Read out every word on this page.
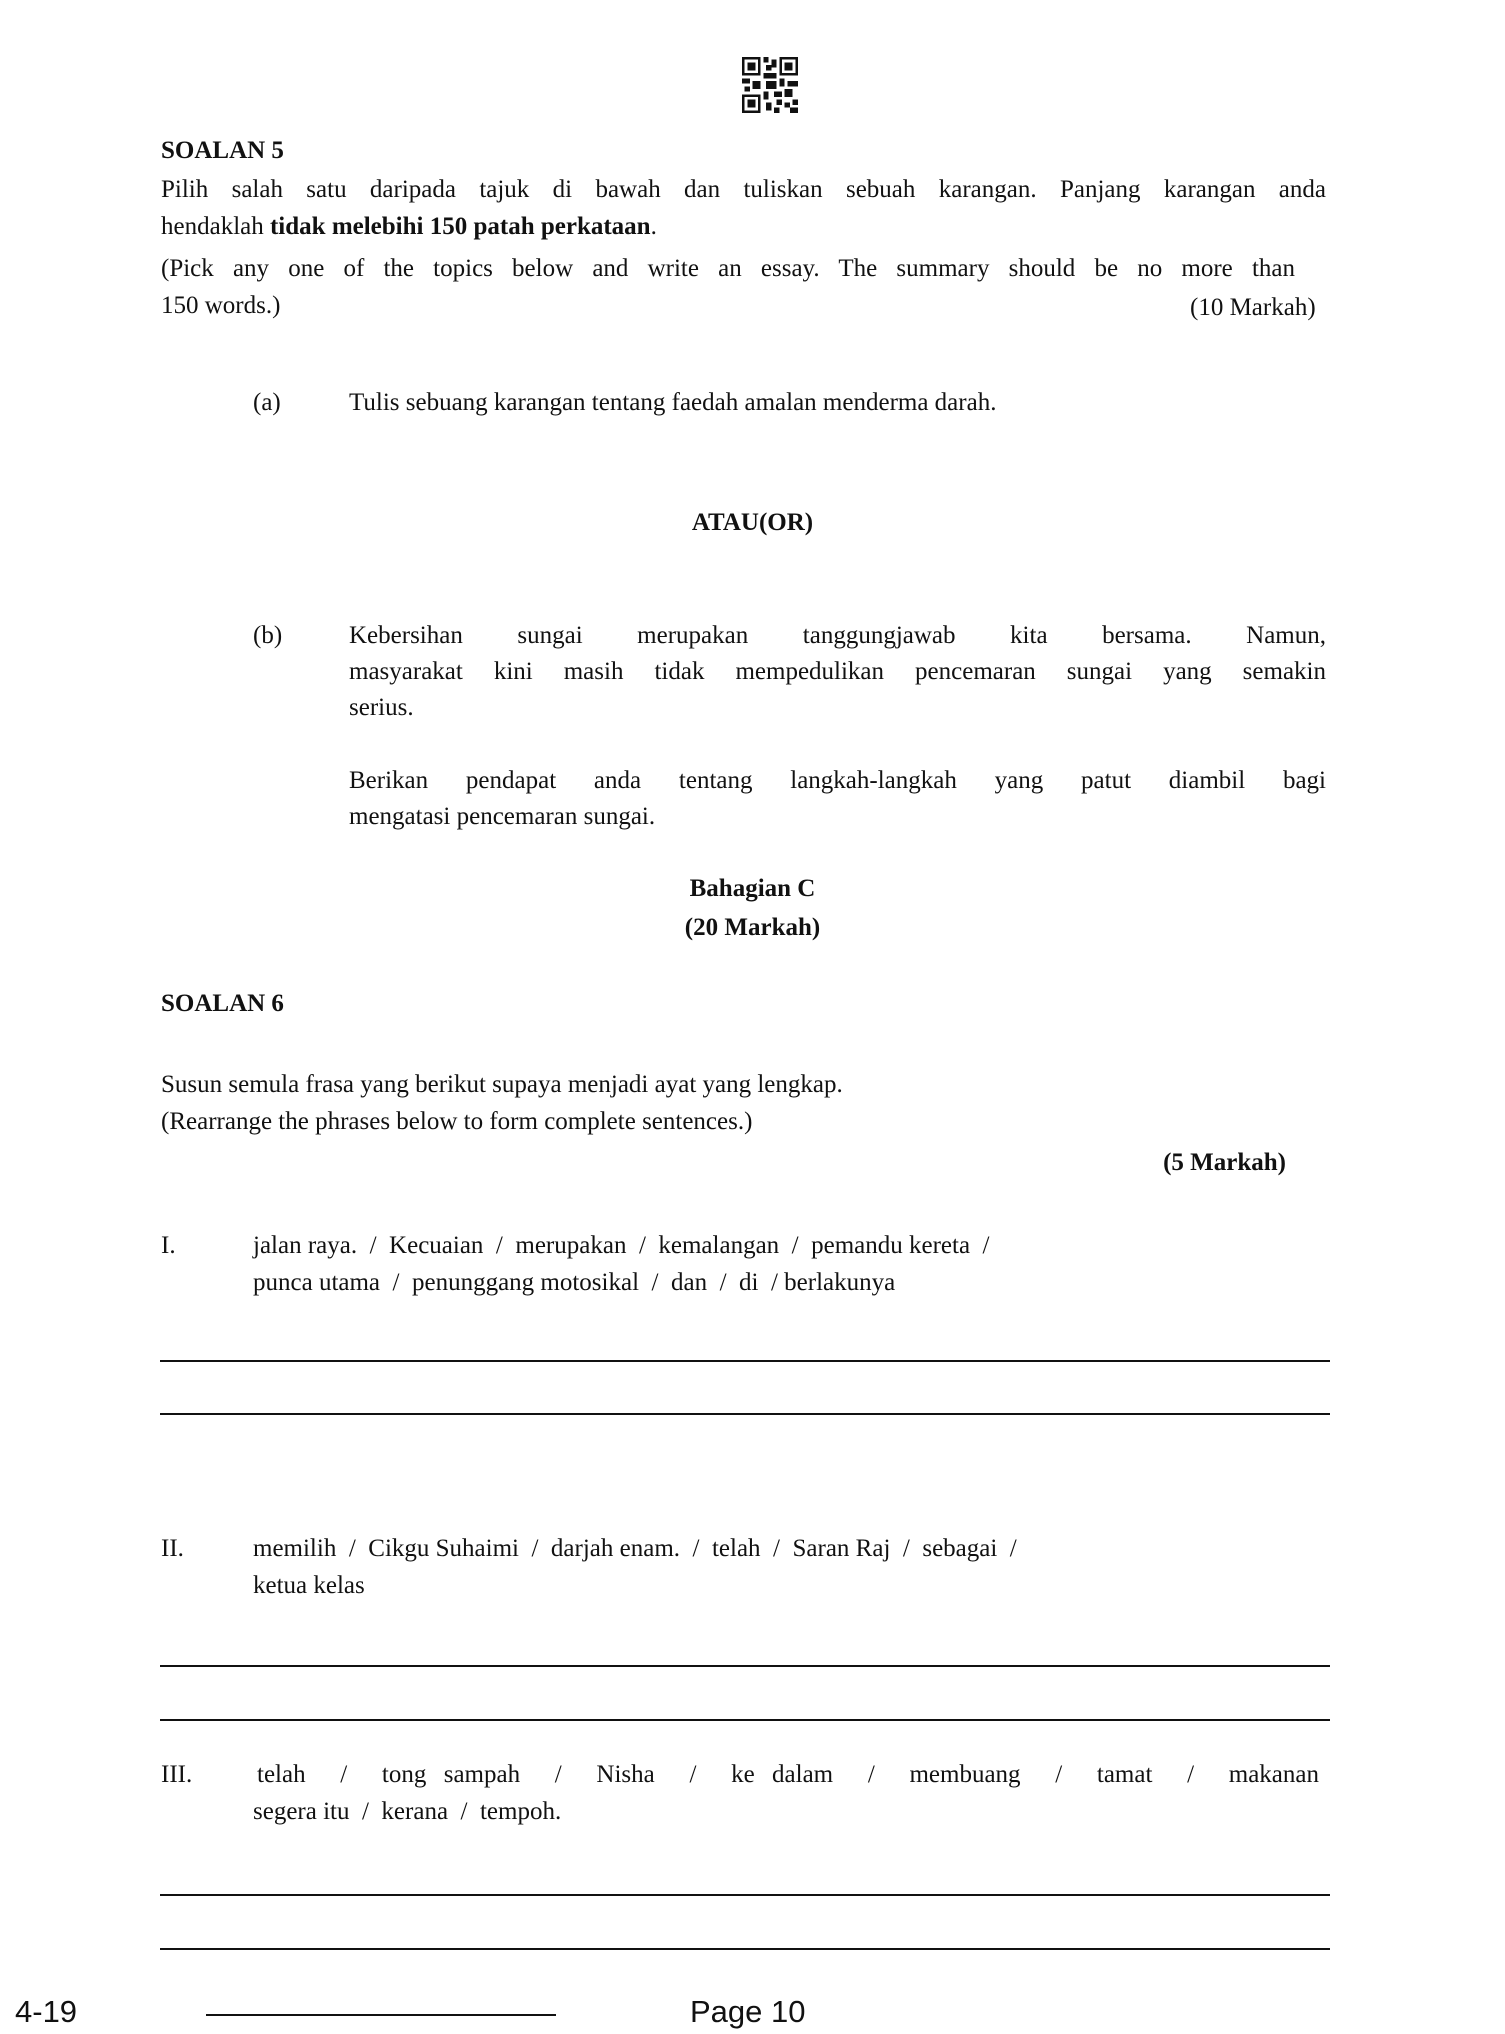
SOALAN 5
Pilih salah satu daripada tajuk di bawah dan tuliskan sebuah karangan. Panjang karangan anda
hendaklah tidak melebihi 150 patah perkataan.
(Pick any one of the topics below and write an essay. The summary should be no more than
150 words.)	(10 Markah)
(a)	Tulis sebuang karangan tentang faedah amalan menderma darah.
ATAU(OR)
(b)	Kebersihan sungai merupakan tanggungjawab kita bersama. Namun,
masyarakat kini masih tidak mempedulikan pencemaran sungai yang semakin
serius.
Berikan pendapat anda tentang langkah-langkah yang patut diambil bagi
mengatasi pencemaran sungai.
Bahagian C
(20 Markah)
SOALAN 6
Susun semula frasa yang berikut supaya menjadi ayat yang lengkap.
(Rearrange the phrases below to form complete sentences.)
(5 Markah)
I.	jalan raya.  /  Kecuaian  /  merupakan  /  kemalangan  /  pemandu kereta  /
punca utama  /  penunggang motosikal  /  dan  /  di  / berlakunya
II.	memilih  /  Cikgu Suhaimi  /  darjah enam.  /  telah  /  Saran Raj  /  sebagai  /
ketua kelas
III.	telah  /  tong sampah  /  Nisha  /  ke dalam  /  membuang  /  tamat  /  makanan
segera itu  /  kerana  /  tempoh.
4-19	Page 10
